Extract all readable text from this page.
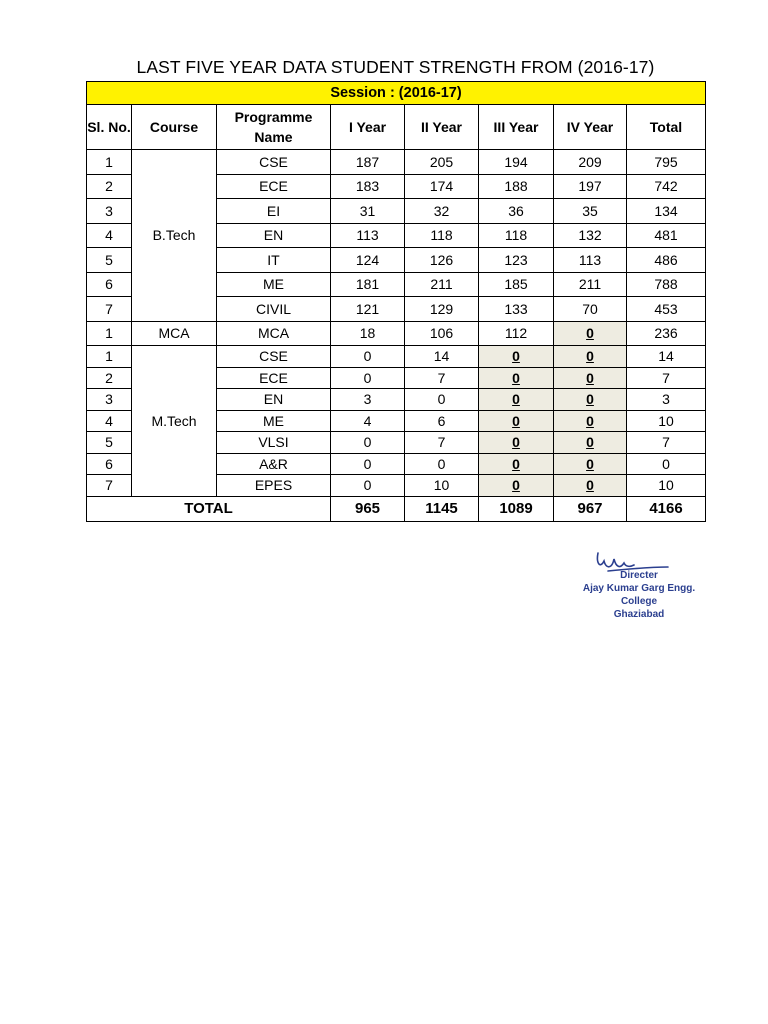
LAST FIVE YEAR DATA STUDENT STRENGTH FROM (2016-17)
Session : (2016-17)							
Sl. No.	Course	Programme Name	I Year	II Year	III Year	IV Year	Total
1	B.Tech	CSE	187	205	194	209	795
2		ECE	183	174	188	197	742
3		EI	31	32	36	35	134
4		EN	113	118	118	132	481
5		IT	124	126	123	113	486
6		ME	181	211	185	211	788
7		CIVIL	121	129	133	70	453
1	MCA	MCA	18	106	112	0	236
1	M.Tech	CSE	0	14	0	0	14
2		ECE	0	7	0	0	7
3		EN	3	0	0	0	3
4		ME	4	6	0	0	10
5		VLSI	0	7	0	0	7
6		A&R	0	0	0	0	0
7		EPES	0	10	0	0	10
TOTAL			965	1145	1089	967	4166
Directer
Ajay Kumar Garg Engg. College
Ghaziabad
